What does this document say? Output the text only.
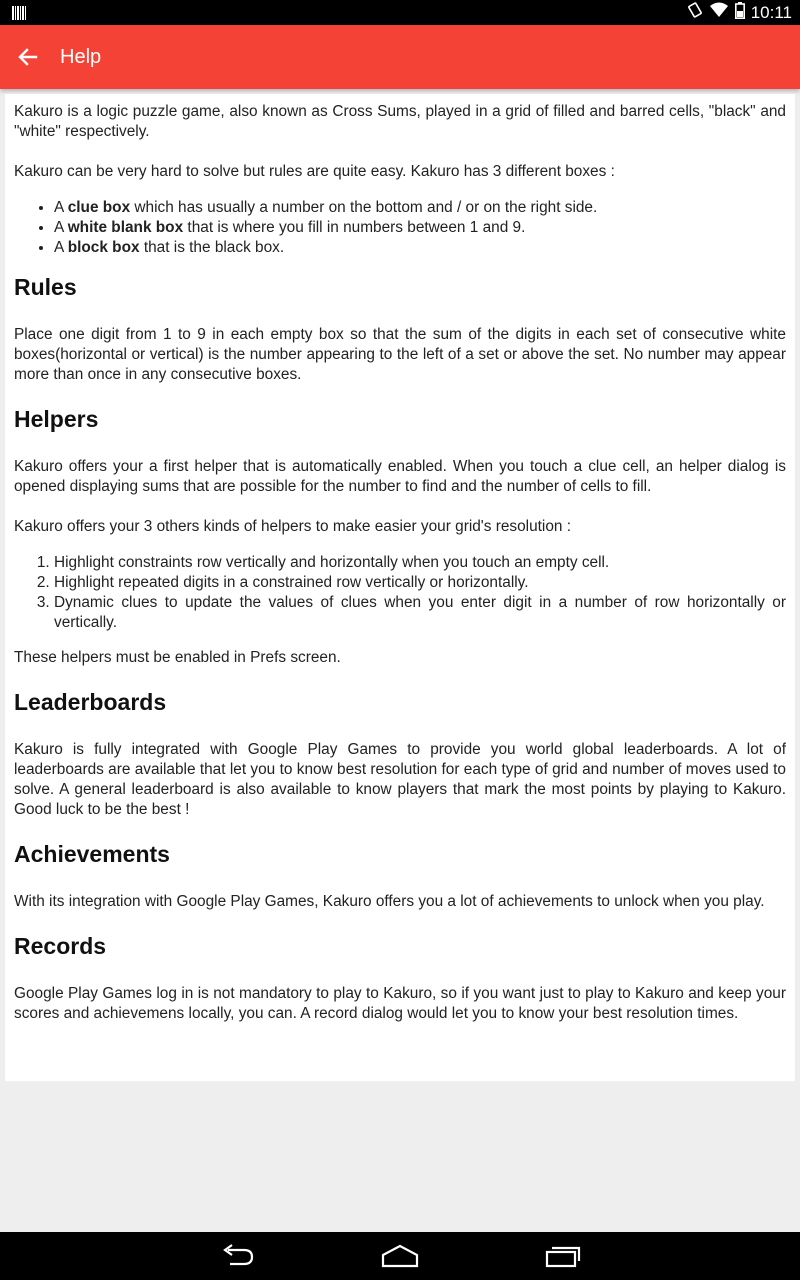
10:11
Help

Kakuro is a logic puzzle game, also known as Cross Sums, played in a grid of filled and barred cells, "black" and "white" respectively.

Kakuro can be very hard to solve but rules are quite easy. Kakuro has 3 different boxes :

• A clue box which has usually a number on the bottom and / or on the right side.
• A white blank box that is where you fill in numbers between 1 and 9.
• A block box that is the black box.
Rules

Place one digit from 1 to 9 in each empty box so that the sum of the digits in each set of consecutive white boxes(horizontal or vertical) is the number appearing to the left of a set or above the set. No number may appear more than once in any consecutive boxes.

Helpers

Kakuro offers your a first helper that is automatically enabled. When you touch a clue cell, an helper dialog is opened displaying sums that are possible for the number to find and the number of cells to fill.

Kakuro offers your 3 others kinds of helpers to make easier your grid's resolution :

1. Highlight constraints row vertically and horizontally when you touch an empty cell.
2. Highlight repeated digits in a constrained row vertically or horizontally.
3. Dynamic clues to update the values of clues when you enter digit in a number of row horizontally or vertically.

These helpers must be enabled in Prefs screen.

Leaderboards

Kakuro is fully integrated with Google Play Games to provide you world global leaderboards. A lot of leaderboards are available that let you to know best resolution for each type of grid and number of moves used to solve. A general leaderboard is also available to know players that mark the most points by playing to Kakuro. Good luck to be the best !

Achievements

With its integration with Google Play Games, Kakuro offers you a lot of achievements to unlock when you play.

Records

Google Play Games log in is not mandatory to play to Kakuro, so if you want just to play to Kakuro and keep your scores and achievemens locally, you can. A record dialog would let you to know your best resolution times.
